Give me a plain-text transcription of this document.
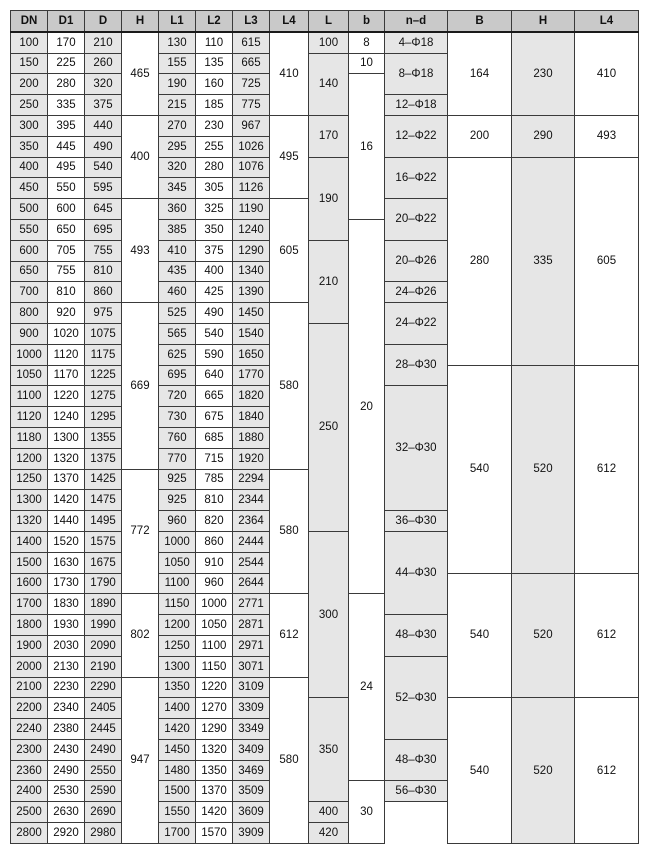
DN	D1	D	H	L1	L2	L3	L4	L	b	n–d	B	H	L4
100	170	210	465	130	110	615	410	100	8	4–Φ18	164	230	410
150	225	260		155	135	665		140	10	8–Φ18			
200	280	320		190	160	725			16				
250	335	375		215	185	775				12–Φ18			
300	395	440	400	270	230	967	495	170		12–Φ22	200	290	493
350	445	490		295	255	1026							
400	495	540		320	280	1076		190		16–Φ22	280	335	605
450	550	595		345	305	1126							
500	600	645	493	360	325	1190	605			20–Φ22			
550	650	695		385	350	1240			20				
600	705	755		410	375	1290		210		20–Φ26			
650	755	810		435	400	1340							
700	810	860		460	425	1390				24–Φ26			
800	920	975	669	525	490	1450	580			24–Φ22			
900	1020	1075		565	540	1540		250					
1000	1120	1175		625	590	1650				28–Φ30			
1050	1170	1225		695	640	1770					540	520	612
1100	1220	1275		720	665	1820				32–Φ30			
1120	1240	1295		730	675	1840							
1180	1300	1355		760	685	1880							
1200	1320	1375		770	715	1920							
1250	1370	1425	772	925	785	2294	580						
1300	1420	1475		925	810	2344							
1320	1440	1495		960	820	2364				36–Φ30			
1400	1520	1575		1000	860	2444		300		44–Φ30			
1500	1630	1675		1050	910	2544							
1600	1730	1790		1100	960	2644					540	520	612
1700	1830	1890	802	1150	1000	2771	612		24				
1800	1930	1990		1200	1050	2871				48–Φ30			
1900	2030	2090		1250	1100	2971							
2000	2130	2190		1300	1150	3071				52–Φ30			
2100	2230	2290	947	1350	1220	3109	580						
2200	2340	2405		1400	1270	3309		350			540	520	612
2240	2380	2445		1420	1290	3349							
2300	2430	2490		1450	1320	3409				48–Φ30			
2360	2490	2550		1480	1350	3469							
2400	2530	2590		1500	1370	3509			30	56–Φ30			
2500	2630	2690		1550	1420	3609		400					
2800	2920	2980		1700	1570	3909		420					
